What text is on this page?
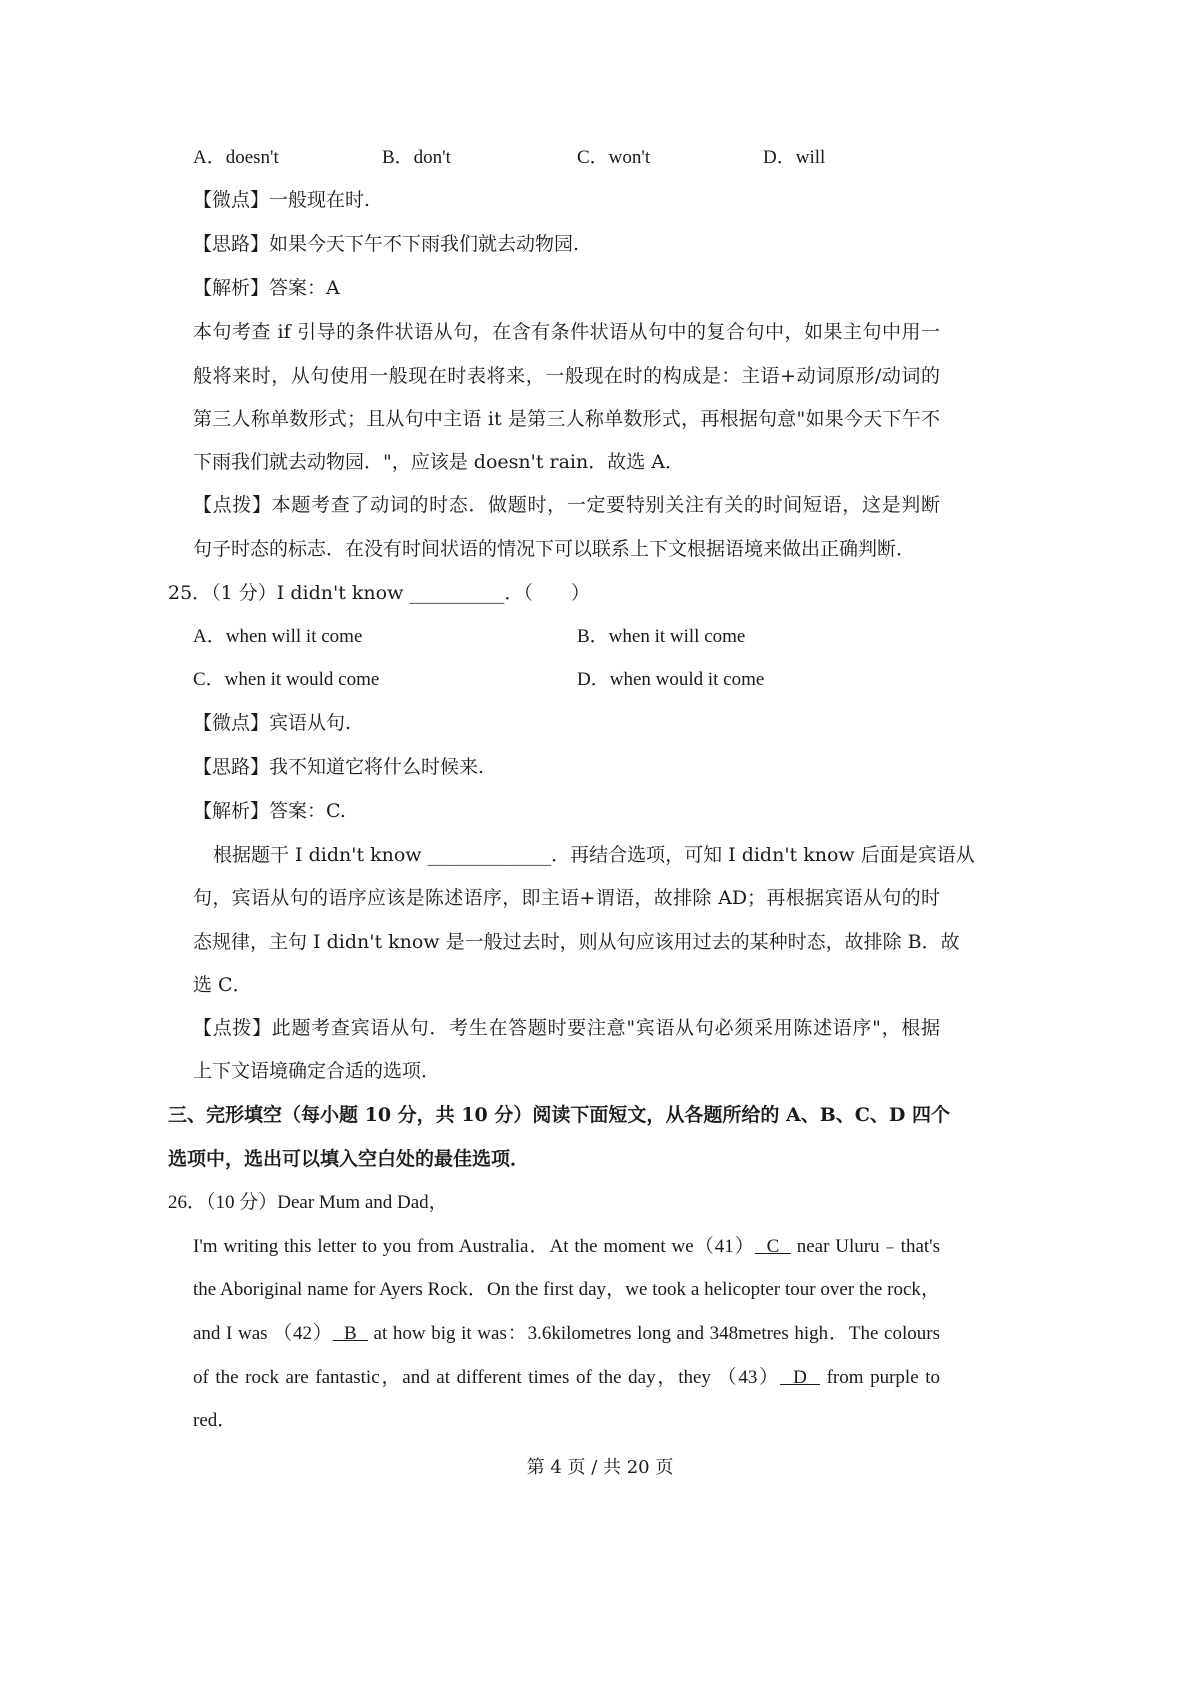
A．doesn't	B．don't	C．won't	D．will
【微点】一般现在时.
【思路】如果今天下午不下雨我们就去动物园.
【解析】答案：A
本句考查 if 引导的条件状语从句，在含有条件状语从句中的复合句中，如果主句中用一
般将来时，从句使用一般现在时表将来，一般现在时的构成是：主语+动词原形/动词的
第三人称单数形式；且从句中主语 it 是第三人称单数形式，再根据句意"如果今天下午不
下雨我们就去动物园．"，应该是 doesn't rain．故选 A．
【点拨】本题考查了动词的时态．做题时，一定要特别关注有关的时间短语，这是判断
句子时态的标志．在没有时间状语的情况下可以联系上下文根据语境来做出正确判断．
25．（1 分）I didn't know __________．（　　）
A．when will it come	B．when it will come
C．when it would come	D．when would it come
【微点】宾语从句.
【思路】我不知道它将什么时候来.
【解析】答案：C.
根据题干 I didn't know _____________．再结合选项，可知 I didn't know 后面是宾语从
句，宾语从句的语序应该是陈述语序，即主语+谓语，故排除 AD；再根据宾语从句的时
态规律，主句 I didn't know 是一般过去时，则从句应该用过去的某种时态，故排除 B．故
选 C．
【点拨】此题考查宾语从句．考生在答题时要注意"宾语从句必须采用陈述语序"，根据
上下文语境确定合适的选项．
三、完形填空（每小题 10 分，共 10 分）阅读下面短文，从各题所给的 A、B、C、D 四个
选项中，选出可以填入空白处的最佳选项．
26．（10 分）Dear Mum and Dad，
I'm writing this letter to you from Australia．At the moment we（41）  C   near Uluru﹣that's
the Aboriginal name for Ayers Rock．On the first day，we took a helicopter tour over the rock，
and I was （42）  B   at how big it was：3.6kilometres long and 348metres high．The colours
of the rock are fantastic，and at different times of the day，they （43）  D   from purple to
red．
第 4 页 / 共 20 页
